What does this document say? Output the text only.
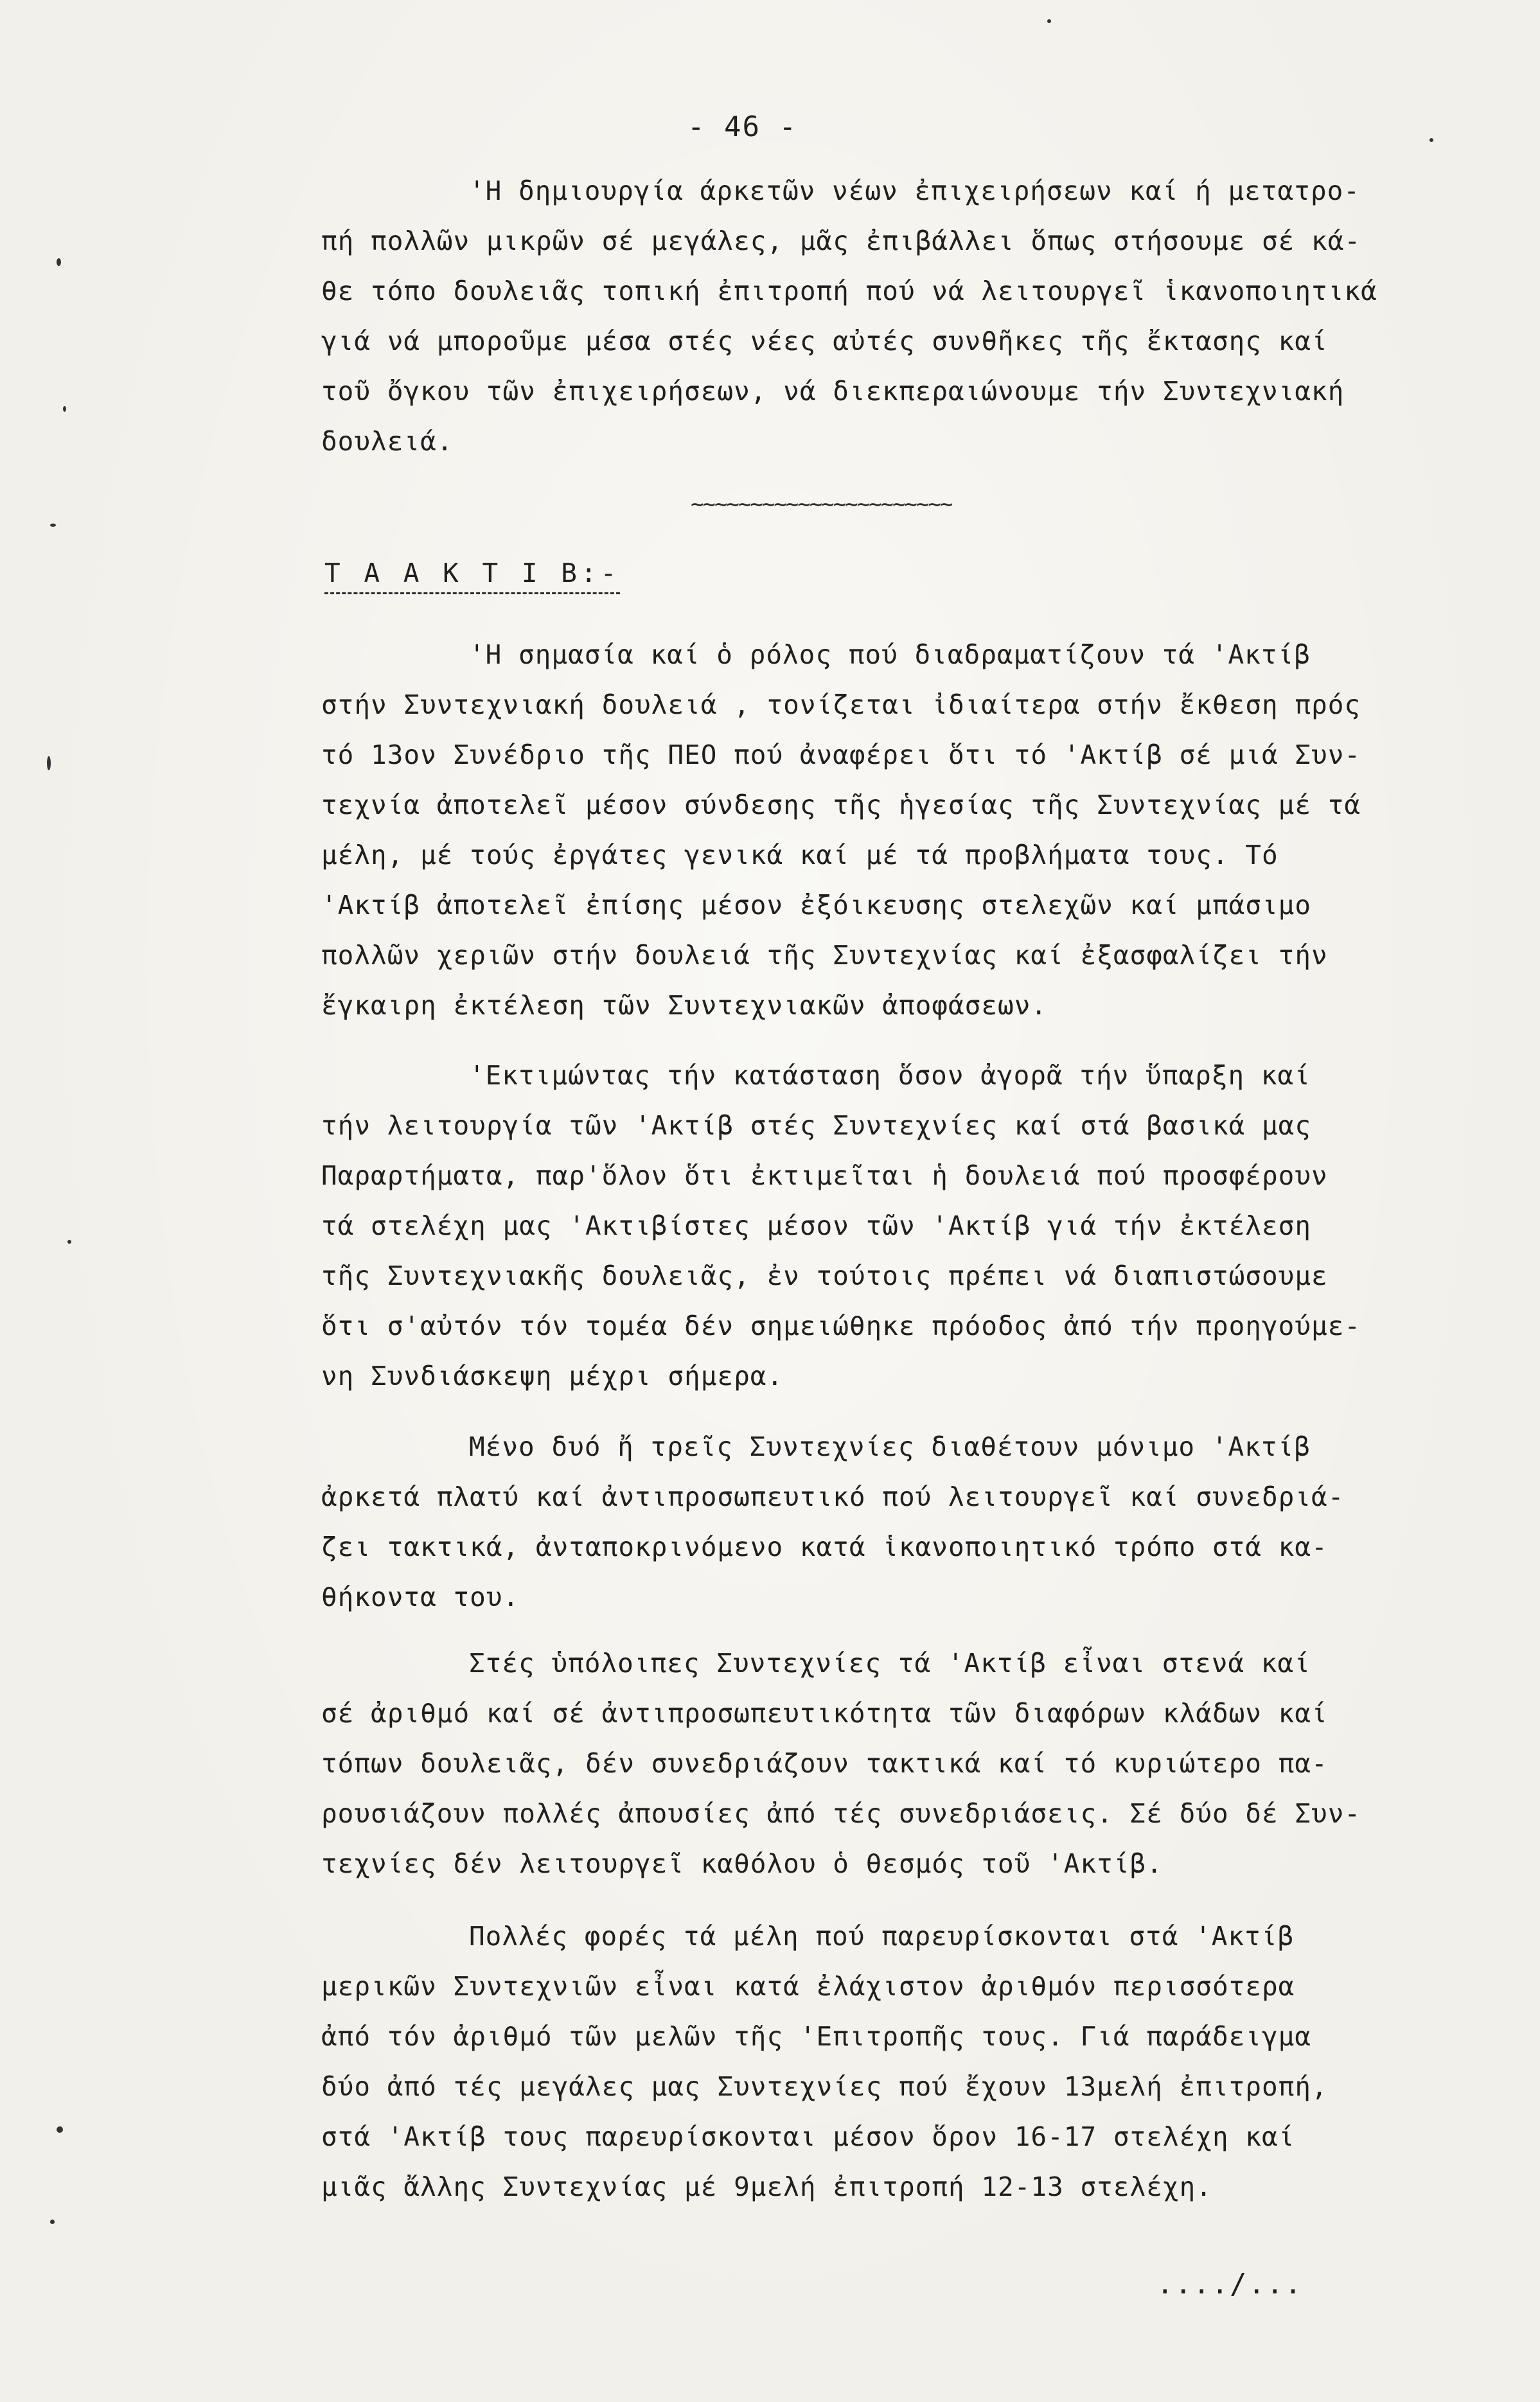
- 46 -
'Η δημιουργία άρκετῶν νέων ἐπιχειρήσεων καί ή μετατρο-
πή πολλῶν μικρῶν σέ μεγάλες, μᾶς ἐπιβάλλει ὅπως στήσουμε σέ κά-
θε τόπο δουλειᾶς τοπική ἐπιτροπή πού νά λειτουργεῖ ἱκανοποιητικά
γιά νά μποροῦμε μέσα στές νέες αὐτές συνθῆκες τῆς ἔκτασης καί
τοῦ ὄγκου τῶν ἐπιχειρήσεων, νά διεκπεραιώνουμε τήν Συντεχνιακή
δουλειά.
~~~~~~~~~~~~~~~~~~~~~~
Τ Α Α Κ Τ Ι Β:-
'Η σημασία καί ὁ ρόλος πού διαδραματίζουν τά 'Ακτίβ
στήν Συντεχνιακή δουλειά , τονίζεται ἰδιαίτερα στήν ἔκθεση πρός
τό 13ον Συνέδριο τῆς ΠΕΟ πού ἀναφέρει ὅτι τό 'Ακτίβ σέ μιά Συν-
τεχνία ἀποτελεῖ μέσον σύνδεσης τῆς ἡγεσίας τῆς Συντεχνίας μέ τά
μέλη, μέ τούς ἐργάτες γενικά καί μέ τά προβλήματα τους. Τό
'Ακτίβ ἀποτελεῖ ἐπίσης μέσον ἐξόικευσης στελεχῶν καί μπάσιμο
πολλῶν χεριῶν στήν δουλειά τῆς Συντεχνίας καί ἐξασφαλίζει τήν
ἔγκαιρη ἐκτέλεση τῶν Συντεχνιακῶν ἀποφάσεων.
'Εκτιμώντας τήν κατάσταση ὅσον ἀγορᾶ τήν ὕπαρξη καί
τήν λειτουργία τῶν 'Ακτίβ στές Συντεχνίες καί στά βασικά μας
Παραρτήματα, παρ'ὅλον ὅτι ἐκτιμεῖται ἡ δουλειά πού προσφέρουν
τά στελέχη μας 'Ακτιβίστες μέσον τῶν 'Ακτίβ γιά τήν ἐκτέλεση
τῆς Συντεχνιακῆς δουλειᾶς, ἐν τούτοις πρέπει νά διαπιστώσουμε
ὅτι σ'αὐτόν τόν τομέα δέν σημειώθηκε πρόοδος ἀπό τήν προηγούμε-
νη Συνδιάσκεψη μέχρι σήμερα.
Μένο δυό ἤ τρεῖς Συντεχνίες διαθέτουν μόνιμο 'Ακτίβ
ἀρκετά πλατύ καί ἀντιπροσωπευτικό πού λειτουργεῖ καί συνεδριά-
ζει τακτικά, ἀνταποκρινόμενο κατά ἱκανοποιητικό τρόπο στά κα-
θήκοντα του.
Στές ὑπόλοιπες Συντεχνίες τά 'Ακτίβ εἶναι στενά καί
σέ ἀριθμό καί σέ ἀντιπροσωπευτικότητα τῶν διαφόρων κλάδων καί
τόπων δουλειᾶς, δέν συνεδριάζουν τακτικά καί τό κυριώτερο πα-
ρουσιάζουν πολλές ἀπουσίες ἀπό τές συνεδριάσεις. Σέ δύο δέ Συν-
τεχνίες δέν λειτουργεῖ καθόλου ὁ θεσμός τοῦ 'Ακτίβ.
Πολλές φορές τά μέλη πού παρευρίσκονται στά 'Ακτίβ
μερικῶν Συντεχνιῶν εἶναι κατά ἐλάχιστον ἀριθμόν περισσότερα
ἀπό τόν ἀριθμό τῶν μελῶν τῆς 'Επιτροπῆς τους. Γιά παράδειγμα
δύο ἀπό τές μεγάλες μας Συντεχνίες πού ἔχουν 13μελή ἐπιτροπή,
στά 'Ακτίβ τους παρευρίσκονται μέσον ὅρον 16-17 στελέχη καί
μιᾶς ἄλλης Συντεχνίας μέ 9μελή ἐπιτροπή 12-13 στελέχη.
..../...
